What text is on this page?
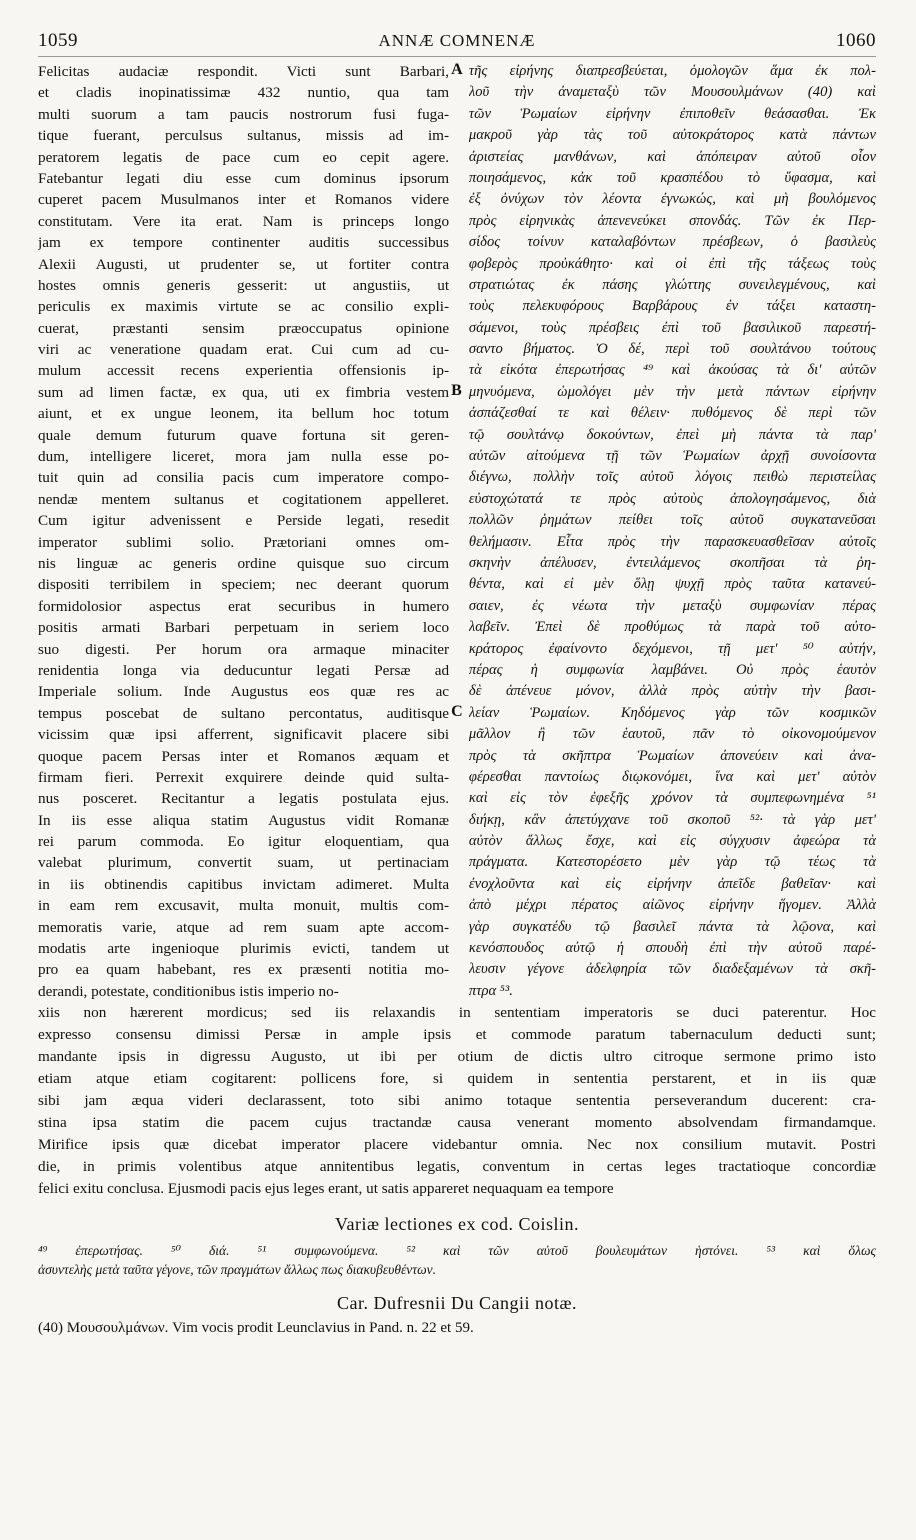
1059	ANNÆ COMNENÆ	1060
Felicitas audaciæ respondit. Victi sunt Barbari,
et cladis inopinatissimæ 432 nuntio, qua tam
multi suorum a tam paucis nostrorum fusi fuga-
tique fuerant, perculsus sultanus, missis ad im-
peratorem legatis de pace cum eo cepit agere.
Fatebantur legati diu esse cum dominus ipsorum
cuperet pacem Musulmanos inter et Romanos videre
constitutam. Vere ita erat. Nam is princeps longo
jam ex tempore continenter auditis successibus
Alexii Augusti, ut prudenter se, ut fortiter contra
hostes omnis generis gesserit: ut angustiis, ut
periculis ex maximis virtute se ac consilio expli-
cuerat, præstanti sensim præoccupatus opinione
viri ac veneratione quadam erat. Cui cum ad cu-
mulum accessit recens experientia offensionis ip-
sum ad limen factæ, ex qua, uti ex fimbria vestem
aiunt, et ex ungue leonem, ita bellum hoc totum
quale demum futurum quave fortuna sit geren-
dum, intelligere liceret, mora jam nulla esse po-
tuit quin ad consilia pacis cum imperatore compo-
nendæ mentem sultanus et cogitationem appelleret.
Cum igitur advenissent e Perside legati, resedit
imperator sublimi solio. Prætoriani omnes om-
nis linguæ ac generis ordine quisque suo circum
dispositi terribilem in speciem; nec deerant quorum
formidolosior aspectus erat securibus in humero
positis armati Barbari perpetuam in seriem loco
suo digesti. Per horum ora armaque minaciter
renidentia longa via deducuntur legati Persæ ad
Imperiale solium. Inde Augustus eos quæ res ac
tempus poscebat de sultano percontatus, auditisque
vicissim quæ ipsi afferrent, significavit placere sibi
quoque pacem Persas inter et Romanos æquam et
firmam fieri. Perrexit exquirere deinde quid sulta-
nus posceret. Recitantur a legatis postulata ejus.
In iis esse aliqua statim Augustus vidit Romanæ
rei parum commoda. Eo igitur eloquentiam, qua
valebat plurimum, convertit suam, ut pertinaciam
in iis obtinendis capitibus invictam adimeret. Multa
in eam rem excusavit, multa monuit, multis com-
memoratis varie, atque ad rem suam apte accom-
modatis arte ingenioque plurimis evicti, tandem ut
pro ea quam habebant, res ex præsenti notitia mo-
derandi, potestate, conditionibus istis imperio no-
A
B
C
τῆς εἰρήνης διαπρεσβεύεται, ὁμολογῶν ἅμα ἐκ πολ-
λοῦ τὴν ἀναμεταξὺ τῶν Μουσουλμάνων (40) καὶ
τῶν Ῥωμαίων εἰρήνην ἐπιποθεῖν θεάσασθαι. Ἐκ
μακροῦ γὰρ τὰς τοῦ αὐτοκράτορος κατὰ πάντων
ἀριστείας μανθάνων, καὶ ἀπόπειραν αὐτοῦ οἷον
ποιησάμενος, κἀκ τοῦ κρασπέδου τὸ ὕφασμα, καὶ
ἐξ ὀνύχων τὸν λέοντα ἐγνωκώς, καὶ μὴ βουλόμενος
πρὸς εἰρηνικὰς ἀπενενεύκει σπονδάς. Τῶν ἐκ Περ-
σίδος τοίνυν καταλαβόντων πρέσβεων, ὁ βασιλεὺς
φοβερὸς προὐκάθητο· καὶ οἱ ἐπὶ τῆς τάξεως τοὺς
στρατιώτας ἐκ πάσης γλώττης συνειλεγμένους, καὶ
τοὺς πελεκυφόρους Βαρβάρους ἐν τάξει καταστη-
σάμενοι, τοὺς πρέσβεις ἐπὶ τοῦ βασιλικοῦ παρεστή-
σαντο βήματος. Ὁ δέ, περὶ τοῦ σουλτάνου τούτους
τὰ εἰκότα ἐπερωτήσας ⁴⁹ καὶ ἀκούσας τὰ δι' αὐτῶν
μηνυόμενα, ὡμολόγει μὲν τὴν μετὰ πάντων εἰρήνην
ἀσπάζεσθαί τε καὶ θέλειν· πυθόμενος δὲ περὶ τῶν
τῷ σουλτάνῳ δοκούντων, ἐπεὶ μὴ πάντα τὰ παρ'
αὐτῶν αἰτούμενα τῇ τῶν Ῥωμαίων ἀρχῇ συνοίσοντα
διέγνω, πολλὴν τοῖς αὐτοῦ λόγοις πειθὼ περιστείλας
εὐστοχώτατά τε πρὸς αὐτοὺς ἀπολογησάμενος, διὰ
πολλῶν ῥημάτων πείθει τοῖς αὐτοῦ συγκατανεῦσαι
θελήμασιν. Εἶτα πρὸς τὴν παρασκευασθεῖσαν αὐτοῖς
σκηνὴν ἀπέλυσεν, ἐντειλάμενος σκοπῆσαι τὰ ῥη-
θέντα, καὶ εἰ μὲν ὅλῃ ψυχῇ πρὸς ταῦτα κατανεύ-
σαιεν, ἐς νέωτα τὴν μεταξὺ συμφωνίαν πέρας
λαβεῖν. Ἐπεὶ δὲ προθύμως τὰ παρὰ τοῦ αὐτο-
κράτορος ἐφαίνοντο δεχόμενοι, τῇ μετ' ⁵⁰ αὐτήν,
πέρας ἡ συμφωνία λαμβάνει. Οὐ πρὸς ἑαυτὸν
δὲ ἀπένευε μόνον, ἀλλὰ πρὸς αὐτὴν τὴν βασι-
λείαν Ῥωμαίων. Κηδόμενος γὰρ τῶν κοσμικῶν
μᾶλλον ἢ τῶν ἑαυτοῦ, πᾶν τὸ οἰκονομούμενον
πρὸς τὰ σκῆπτρα Ῥωμαίων ἀπονεύειν καὶ ἀνα-
φέρεσθαι παντοίως διῳκονόμει, ἵνα καὶ μετ' αὐτὸν
καὶ εἰς τὸν ἐφεξῆς χρόνον τὰ συμπεφωνημένα ⁵¹
διήκῃ, κἂν ἀπετύγχανε τοῦ σκοποῦ ⁵²· τὰ γὰρ μετ'
αὐτὸν ἄλλως ἔσχε, καὶ εἰς σύγχυσιν ἀφεώρα τὰ
πράγματα. Κατεστορέσετο μὲν γὰρ τῷ τέως τὰ
ἐνοχλοῦντα καὶ εἰς εἰρήνην ἀπεῖδε βαθεῖαν· καὶ
ἀπὸ μέχρι πέρατος αἰῶνος εἰρήνην ἥγομεν. Ἀλλὰ
γὰρ συγκατέδυ τῷ βασιλεῖ πάντα τὰ λῷονα, καὶ
κενόσπουδος αὐτῷ ἡ σπουδὴ ἐπὶ τὴν αὐτοῦ παρέ-
λευσιν γέγονε ἀδελφηρία τῶν διαδεξαμένων τὰ σκῆ-
πτρα ⁵³.
xiis non hærerent mordicus; sed iis relaxandis in sententiam imperatoris se duci paterentur. Hoc
expresso consensu dimissi Persæ in ample ipsis et commode paratum tabernaculum deducti sunt;
mandante ipsis in digressu Augusto, ut ibi per otium de dictis ultro citroque sermone primo isto
etiam atque etiam cogitarent: pollicens fore, si quidem in sententia perstarent, et in iis quæ
sibi jam æqua videri declarassent, toto sibi animo totaque sententia perseverandum ducerent: cra-
stina ipsa statim die pacem cujus tractandæ causa venerant momento absolvendam firmandamque.
Mirifice ipsis quæ dicebat imperator placere videbantur omnia. Nec nox consilium mutavit. Postri
die, in primis volentibus atque annitentibus legatis, conventum in certas leges tractatioque concordiæ
felici exitu conclusa. Ejusmodi pacis ejus leges erant, ut satis appareret nequaquam ea tempore
Variæ lectiones ex cod. Coislin.
⁴⁹ ἐπερωτήσας. ⁵⁰ διά. ⁵¹ συμφωνούμενα. ⁵² καὶ τῶν αὐτοῦ βουλευμάτων ἡστόνει. ⁵³ καὶ ὅλως
ἀσυντελὴς μετὰ ταῦτα γέγονε, τῶν πραγμάτων ἄλλως πως διακυβευθέντων.
Car. Dufresnii Du Cangii notæ.
(40) Μουσουλμάνων. Vim vocis prodit Leunclavius in Pand. n. 22 et 59.
